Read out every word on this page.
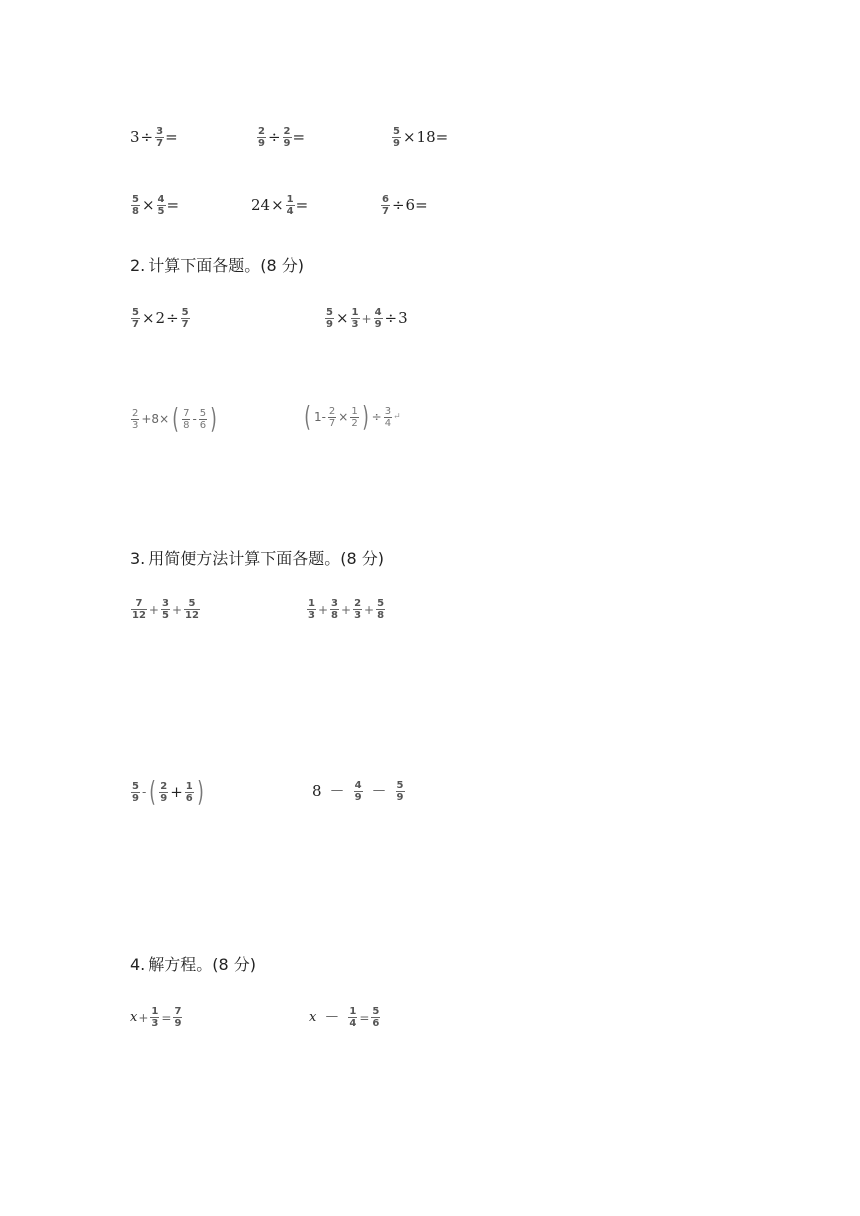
$3 \div \frac{3}{7}$ =	$\frac{2}{9} \div \frac{2}{9}$ =	$\frac{5}{9} \times 18$ =
$\frac{5}{8} \times \frac{4}{5}$ =	$24 \times \frac{1}{4}$ =	$\frac{6}{7} \div 6$ =
2. 计算下面各题。(8 分)
$\frac{5}{7} \times 2 \div \frac{5}{7}$	$\frac{5}{9} \times \frac{1}{3} + \frac{4}{9} \div 3$
$\frac{2}{3} +8\times$ ( $\frac{7}{8} - \frac{5}{6}$ )	( $1- \frac{2}{7} \times \frac{1}{2}$ ) ÷ $\frac{3}{4}$ ↵
3. 用简便方法计算下面各题。(8 分)
$\frac{7}{12} + \frac{3}{5} + \frac{5}{12}$	$\frac{1}{3} + \frac{3}{8} + \frac{2}{3} + \frac{5}{8}$
$\frac{5}{9}$ - ( $\frac{2}{9} + \frac{1}{6}$ )	$8 - \frac{4}{9} - \frac{5}{9}$
4. 解方程。(8 分)
$x + \frac{1}{3} = \frac{7}{9}$	$x - \frac{1}{4} = \frac{5}{6}$
